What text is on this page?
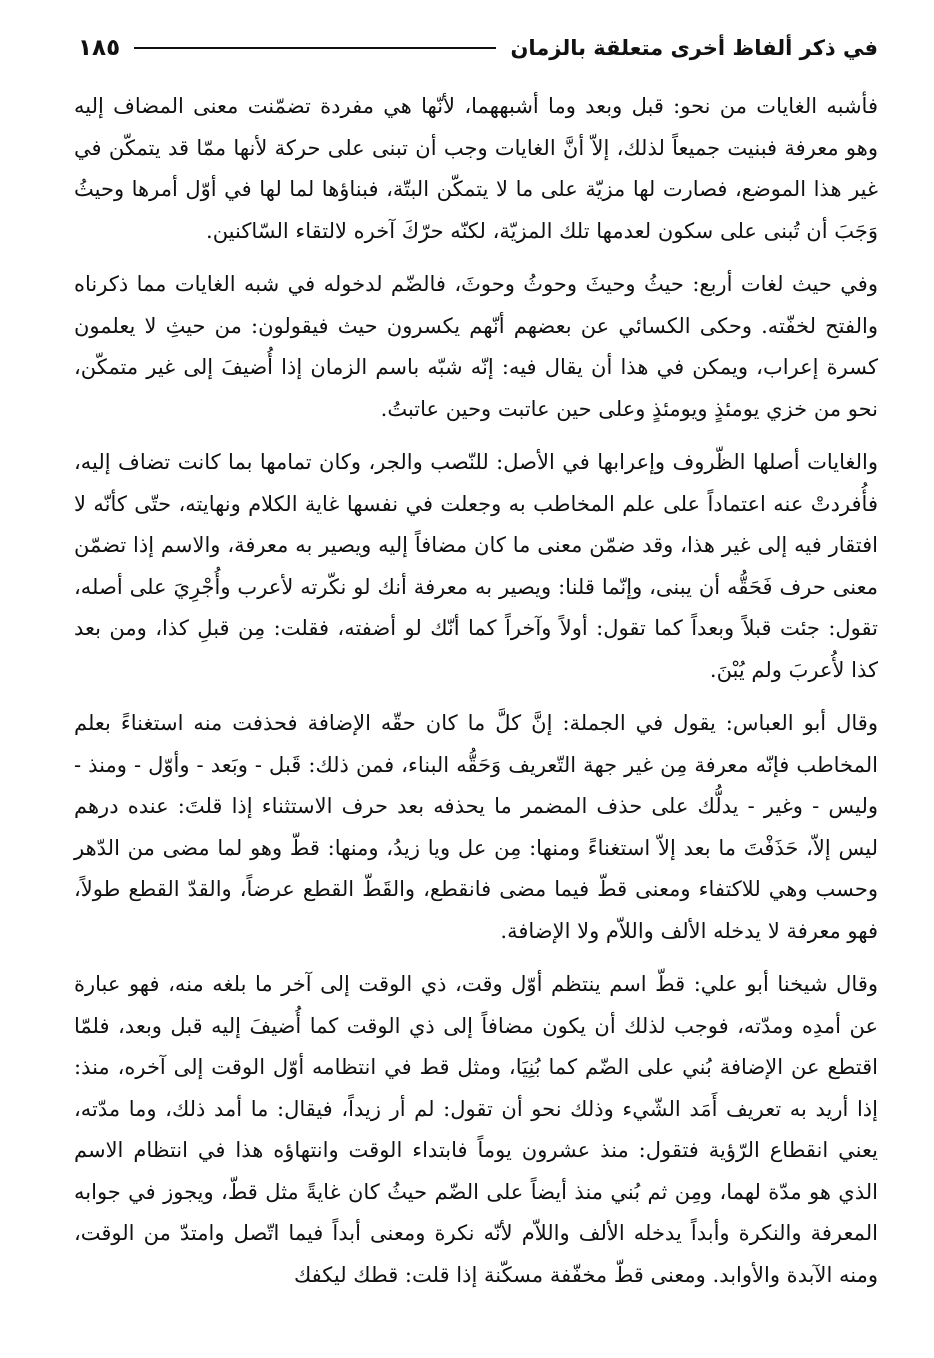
في ذكر ألفاظ أخرى متعلقة بالزمان
١٨٥

فأشبه الغايات من نحو: قبل وبعد وما أشبههما، لأنّها هي مفردة تضمّنت معنى المضاف إليه وهو معرفة فبنيت جميعاً لذلك، إلاّ أنَّ الغايات وجب أن تبنى على حركة لأنها ممّا قد يتمكّن في غير هذا الموضع، فصارت لها مزيّة على ما لا يتمكّن البتّة، فبناؤها لما لها في أوّل أمرها وحيثُ وَجَبَ أن تُبنى على سكون لعدمها تلك المزيّة، لكنّه حرّكَ آخره لالتقاء السّاكنين.

وفي حيث لغات أربع: حيثُ وحيثَ وحوثُ وحوثَ، فالضّم لدخوله في شبه الغايات مما ذكرناه والفتح لخفّته. وحكى الكسائي عن بعضهم أنّهم يكسرون حيث فيقولون: من حيثِ لا يعلمون كسرة إعراب، ويمكن في هذا أن يقال فيه: إنّه شبّه باسم الزمان إذا أُضيفَ إلى غير متمكّن، نحو من خزي يومئذٍ ويومئذٍ وعلى حين عاتبت وحين عاتبتُ.

والغايات أصلها الظّروف وإعرابها في الأصل: للنّصب والجر، وكان تمامها بما كانت تضاف إليه، فأُفردتْ عنه اعتماداً على علم المخاطب به وجعلت في نفسها غاية الكلام ونهايته، حتّى كأنّه لا افتقار فيه إلى غير هذا، وقد ضمّن معنى ما كان مضافاً إليه ويصير به معرفة، والاسم إذا تضمّن معنى حرف فَحَقُّه أن يبنى، وإنّما قلنا: ويصير به معرفة أنك لو نكّرته لأعرب وأُجْرِيَ على أصله، تقول: جئت قبلاً وبعداً كما تقول: أولاً وآخراً كما أنّك لو أضفته، فقلت: مِن قبلِ كذا، ومن بعد كذا لأُعربَ ولم يُبْنَ.

وقال أبو العباس: يقول في الجملة: إنَّ كلَّ ما كان حقّه الإضافة فحذفت منه استغناءً بعلم المخاطب فإنّه معرفة مِن غير جهة التّعريف وَحَقُّه البناء، فمن ذلك: قَبل - وبَعد - وأوّل - ومنذ - وليس - وغير - يدلُّك على حذف المضمر ما يحذفه بعد حرف الاستثناء إذا قلتَ: عنده درهم ليس إلاّ، حَذَفْتَ ما بعد إلاّ استغناءً ومنها: مِن عل ويا زيدُ، ومنها: قطّ وهو لما مضى من الدّهر وحسب وهي للاكتفاء ومعنى قطّ فيما مضى فانقطع، والقَطّ القطع عرضاً، والقدّ القطع طولاً، فهو معرفة لا يدخله الألف واللاّم ولا الإضافة.

وقال شيخنا أبو علي: قطّ اسم ينتظم أوّل وقت، ذي الوقت إلى آخر ما بلغه منه، فهو عبارة عن أمدِه ومدّته، فوجب لذلك أن يكون مضافاً إلى ذي الوقت كما أُضيفَ إليه قبل وبعد، فلمّا اقتطع عن الإضافة بُني على الضّم كما بُنِيَا، ومثل قط في انتظامه أوّل الوقت إلى آخره، منذ: إذا أريد به تعريف أَمَد الشّيء وذلك نحو أن تقول: لم أر زيداً، فيقال: ما أمد ذلك، وما مدّته، يعني انقطاع الرّؤية فتقول: منذ عشرون يوماً فابتداء الوقت وانتهاؤه هذا في انتظام الاسم الذي هو مدّة لهما، ومِن ثم بُني منذ أيضاً على الضّم حيثُ كان غايةً مثل قطّ، ويجوز في جوابه المعرفة والنكرة وأبداً يدخله الألف واللاّم لأنّه نكرة ومعنى أبداً فيما اتّصل وامتدّ من الوقت، ومنه الآبدة والأوابد. ومعنى قطّ مخفّفة مسكّنة إذا قلت: قطك ليكفك
